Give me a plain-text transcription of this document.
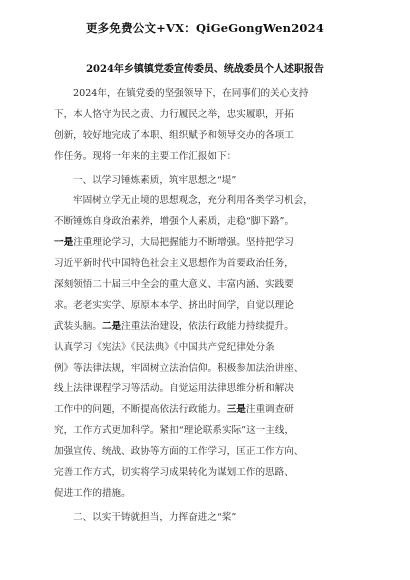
更多免费公文+VX：QiGeGongWen2024
2024年乡镇镇党委宣传委员、统战委员个人述职报告
2024年，在镇党委的坚强领导下，在同事们的关心支持
下，本人恪守为民之责、力行履民之举，忠实履职，开拓
创新，较好地完成了本职、组织赋予和领导交办的各项工
作任务。现将一年来的主要工作汇报如下：
一、以学习锤炼素质，筑牢思想之“堤”
牢固树立学无止境的思想观念，充分利用各类学习机会，
不断锤炼自身政治素养，增强个人素质，走稳“脚下路”。
一是注重理论学习，大局把握能力不断增强。坚持把学习
习近平新时代中国特色社会主义思想作为首要政治任务，
深刻领悟二十届三中全会的重大意义、丰富内涵、实践要
求。老老实实学、原原本本学、挤出时间学，自觉以理论
武装头脑。二是注重法治建设，依法行政能力持续提升。
认真学习《宪法》《民法典》《中国共产党纪律处分条
例》等法律法规，牢固树立法治信仰。积极参加法治讲座、
线上法律课程学习等活动。自觉运用法律思维分析和解决
工作中的问题，不断提高依法行政能力。三是注重调查研
究，工作方式更加科学。紧扣“理论联系实际”这一主线，
加强宣传、统战、政协等方面的工作学习，匡正工作方向、
完善工作方式，切实将学习成果转化为谋划工作的思路、
促进工作的措施。
二、以实干铸就担当，力挥奋进之“桨”
